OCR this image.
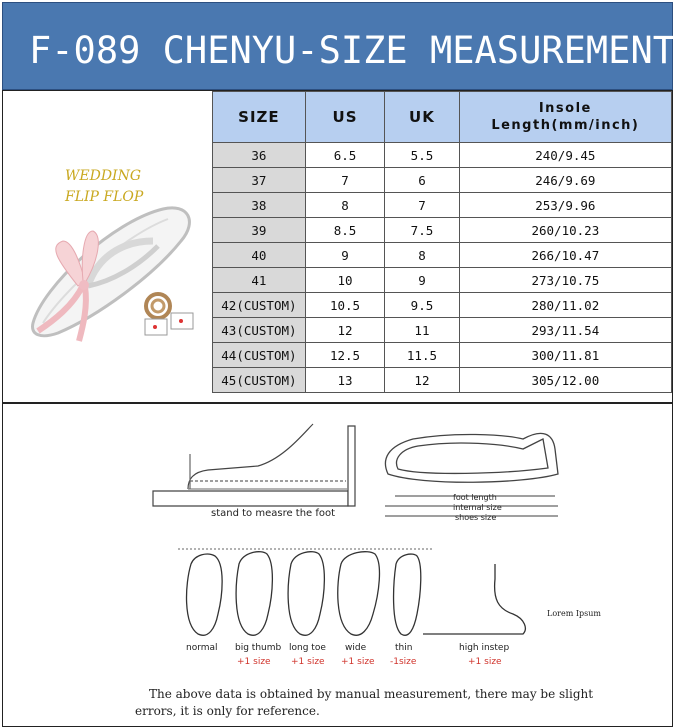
F-089 CHENYU-SIZE MEASUREMENT
WEDDING
FLIP FLOP
SIZE	US	UK	Insole
Length(mm/inch)

36	6.5	5.5	240/9.45
37	7	6	246/9.69
38	8	7	253/9.96
39	8.5	7.5	260/10.23
40	9	8	266/10.47
41	10	9	273/10.75
42(CUSTOM)	10.5	9.5	280/11.02
43(CUSTOM)	12	11	293/11.54
44(CUSTOM)	12.5	11.5	300/11.81
45(CUSTOM)	13	12	305/12.00
stand to measre the foot
foot length
internal size
shoes size
Lorem Ipsum
normal big thumb
+1 size
long toe
+1 size
wide
+1 size
thin
-1size
high instep
+1 size
The above data is obtained by manual measurement, there may be slight
errors, it is only for reference.
